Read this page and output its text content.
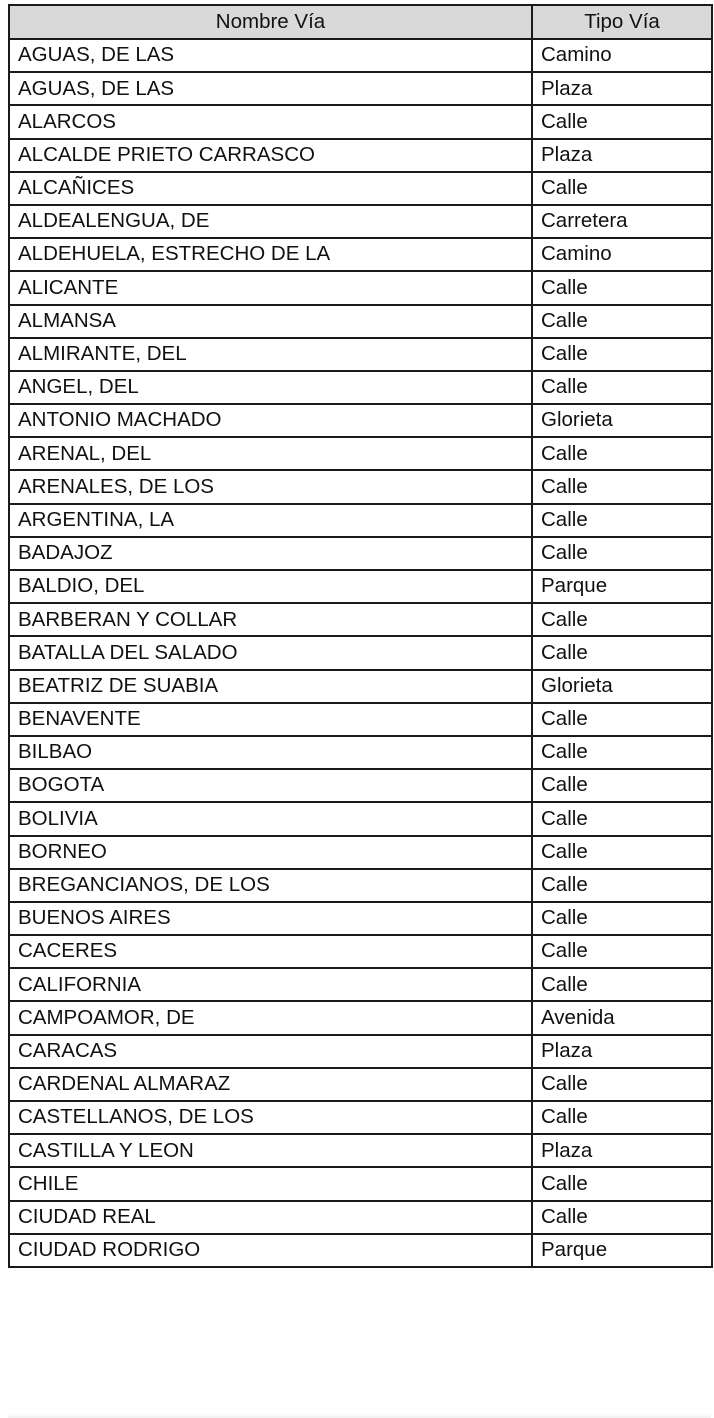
Nombre Vía	Tipo Vía
AGUAS, DE LAS	Camino
AGUAS, DE LAS	Plaza
ALARCOS	Calle
ALCALDE PRIETO CARRASCO	Plaza
ALCAÑICES	Calle
ALDEALENGUA, DE	Carretera
ALDEHUELA, ESTRECHO DE LA	Camino
ALICANTE	Calle
ALMANSA	Calle
ALMIRANTE, DEL	Calle
ANGEL, DEL	Calle
ANTONIO MACHADO	Glorieta
ARENAL, DEL	Calle
ARENALES, DE LOS	Calle
ARGENTINA, LA	Calle
BADAJOZ	Calle
BALDIO, DEL	Parque
BARBERAN Y COLLAR	Calle
BATALLA DEL SALADO	Calle
BEATRIZ DE SUABIA	Glorieta
BENAVENTE	Calle
BILBAO	Calle
BOGOTA	Calle
BOLIVIA	Calle
BORNEO	Calle
BREGANCIANOS, DE LOS	Calle
BUENOS AIRES	Calle
CACERES	Calle
CALIFORNIA	Calle
CAMPOAMOR, DE	Avenida
CARACAS	Plaza
CARDENAL ALMARAZ	Calle
CASTELLANOS, DE LOS	Calle
CASTILLA Y LEON	Plaza
CHILE	Calle
CIUDAD REAL	Calle
CIUDAD RODRIGO	Parque
